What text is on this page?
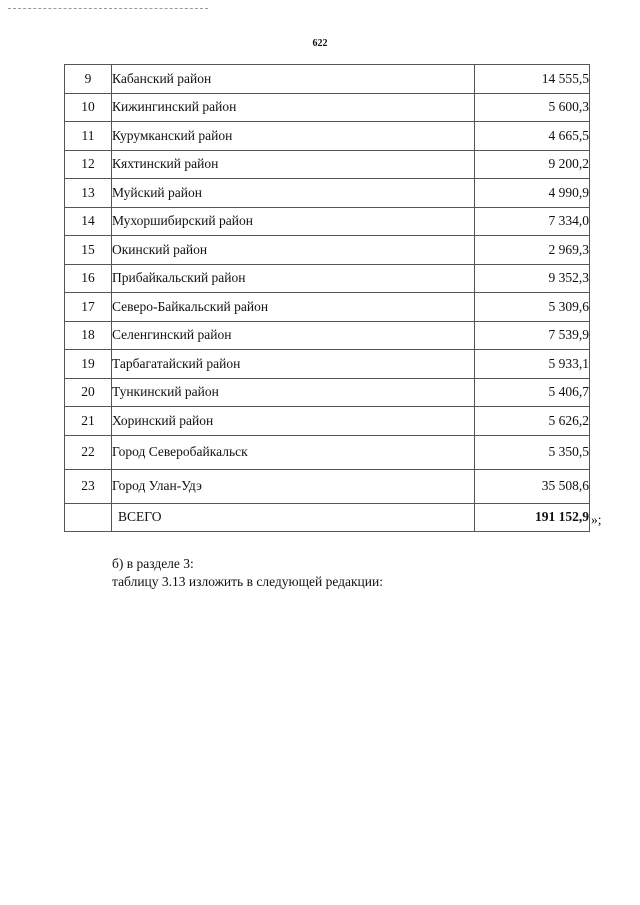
622
9	Кабанский район	14 555,5
10	Кижингинский район	5 600,3
11	Курумканский район	4 665,5
12	Кяхтинский район	9 200,2
13	Муйский район	4 990,9
14	Мухоршибирский район	7 334,0
15	Окинский район	2 969,3
16	Прибайкальский район	9 352,3
17	Северо-Байкальский район	5 309,6
18	Селенгинский район	7 539,9
19	Тарбагатайский район	5 933,1
20	Тункинский район	5 406,7
21	Хоринский район	5 626,2
22	Город Северобайкальск	5 350,5
23	Город Улан-Удэ	35 508,6
	ВСЕГО	191 152,9 »;
б) в разделе 3:
таблицу 3.13 изложить в следующей редакции:
